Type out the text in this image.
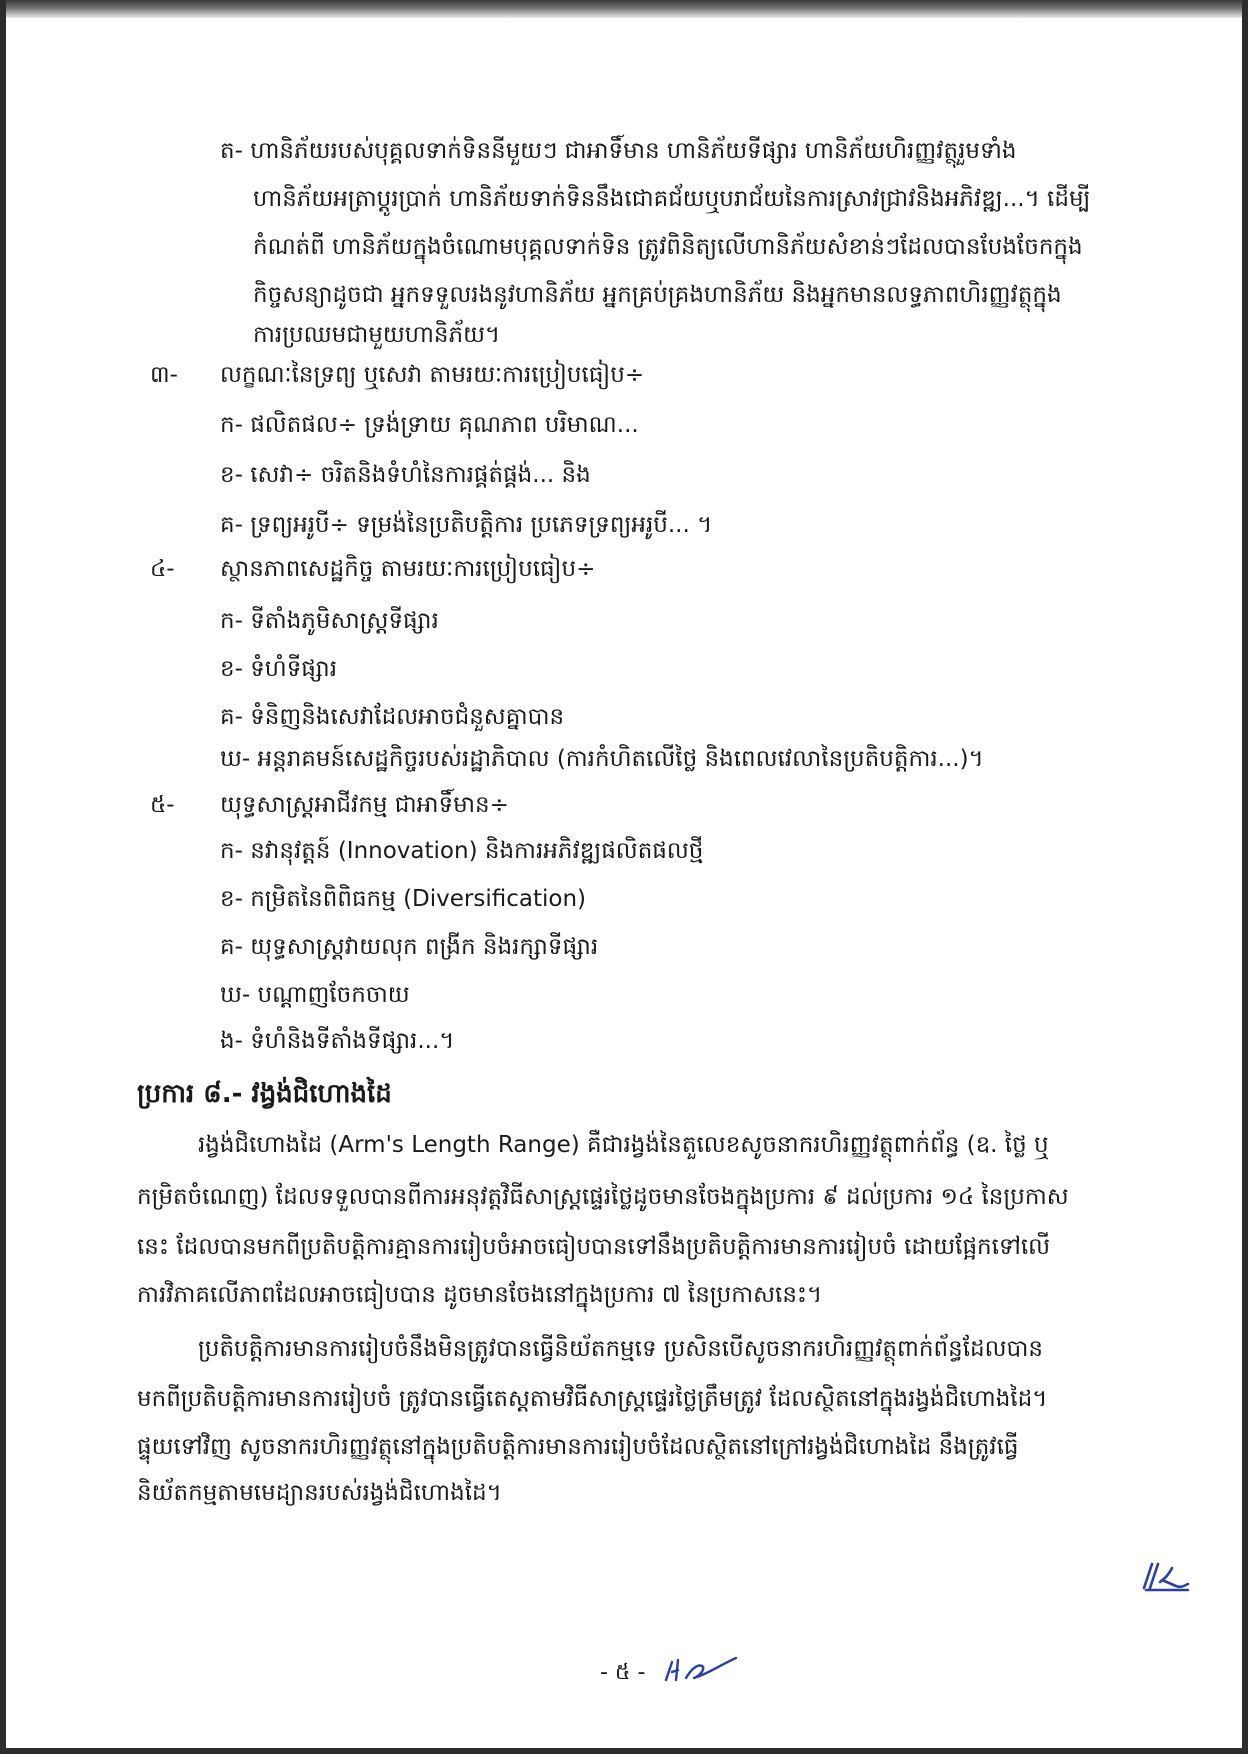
ត- ហានិភ័យរបស់បុគ្គលទាក់ទិននីមួយៗ ជាអាទិ៍មាន ហានិភ័យទីផ្សារ ហានិភ័យហិរញ្ញវត្ថុរួមទាំង
ហានិភ័យអត្រាប្តូរប្រាក់ ហានិភ័យទាក់ទិននឹងជោគជ័យឬបរាជ័យនៃការស្រាវជ្រាវនិងអភិវឌ្ឍ...។ ដើម្បី
កំណត់ពី ហានិភ័យក្នុងចំណោមបុគ្គលទាក់ទិន ត្រូវពិនិត្យលើហានិភ័យសំខាន់ៗដែលបានបែងចែកក្នុង
កិច្ចសន្យាដូចជា អ្នកទទួលរងនូវហានិភ័យ អ្នកគ្រប់គ្រងហានិភ័យ និងអ្នកមានលទ្ធភាពហិរញ្ញវត្ថុក្នុង
ការប្រឈមជាមួយហានិភ័យ។
៣- លក្ខណៈនៃទ្រព្យ ឬសេវា តាមរយៈការប្រៀបធៀប÷
ក- ផលិតផល÷ ទ្រង់ទ្រាយ គុណភាព បរិមាណ...
ខ- សេវា÷ ចរិតនិងទំហំនៃការផ្គត់ផ្គង់... និង
គ- ទ្រព្យអរូបី÷ ទម្រង់នៃប្រតិបត្តិការ ប្រភេទទ្រព្យអរូបី... ។
៤- ស្ថានភាពសេដ្ឋកិច្ច តាមរយៈការប្រៀបធៀប÷
ក- ទីតាំងភូមិសាស្ត្រទីផ្សារ
ខ- ទំហំទីផ្សារ
គ- ទំនិញនិងសេវាដែលអាចជំនួសគ្នាបាន
ឃ- អន្តរាគមន៍សេដ្ឋកិច្ចរបស់រដ្ឋាភិបាល (ការកំហិតលើថ្លៃ និងពេលវេលានៃប្រតិបត្តិការ...)។
៥- យុទ្ធសាស្ត្រអាជីវកម្ម ជាអាទិ៍មាន÷
ក- នវានុវត្តន៍ (Innovation) និងការអភិវឌ្ឍផលិតផលថ្មី
ខ- កម្រិតនៃពិពិធកម្ម (Diversification)
គ- យុទ្ធសាស្ត្រវាយលុក ពង្រីក និងរក្សាទីផ្សារ
ឃ- បណ្តាញចែកចាយ
ង- ទំហំនិងទីតាំងទីផ្សារ...។
ប្រការ ៨.- វង្វង់ជិហោងដៃ
រង្វង់ជិហោងដៃ (Arm's Length Range) គឺជារង្វង់នៃតួលេខសូចនាករហិរញ្ញវត្ថុពាក់ព័ន្ធ (ឧ. ថ្លៃ ឬ
កម្រិតចំណេញ) ដែលទទួលបានពីការអនុវត្តវិធីសាស្ត្រផ្ទេរថ្លៃដូចមានចែងក្នុងប្រការ ៩ ដល់ប្រការ ១៤ នៃប្រកាស
នេះ ដែលបានមកពីប្រតិបត្តិការគ្មានការរៀបចំអាចធៀបបានទៅនឹងប្រតិបត្តិការមានការរៀបចំ ដោយផ្អែកទៅលើ
ការវិភាគលើភាពដែលអាចធៀបបាន ដូចមានចែងនៅក្នុងប្រការ ៧ នៃប្រកាសនេះ។
ប្រតិបត្តិការមានការរៀបចំនឹងមិនត្រូវបានធ្វើនិយ័តកម្មទេ ប្រសិនបើសូចនាករហិរញ្ញវត្ថុពាក់ព័ន្ធដែលបាន
មកពីប្រតិបត្តិការមានការរៀបចំ ត្រូវបានធ្វើតេស្តតាមវិធីសាស្ត្រផ្ទេរថ្លៃត្រឹមត្រូវ ដែលស្ថិតនៅក្នុងរង្វង់ជិហោងដៃ។
ផ្ទុយទៅវិញ សូចនាករហិរញ្ញវត្ថុនៅក្នុងប្រតិបត្តិការមានការរៀបចំដែលស្ថិតនៅក្រៅរង្វង់ជិហោងដៃ នឹងត្រូវធ្វើ
និយ័តកម្មតាមមេដ្យានរបស់រង្វង់ជិហោងដៃ។
- ៥ -
